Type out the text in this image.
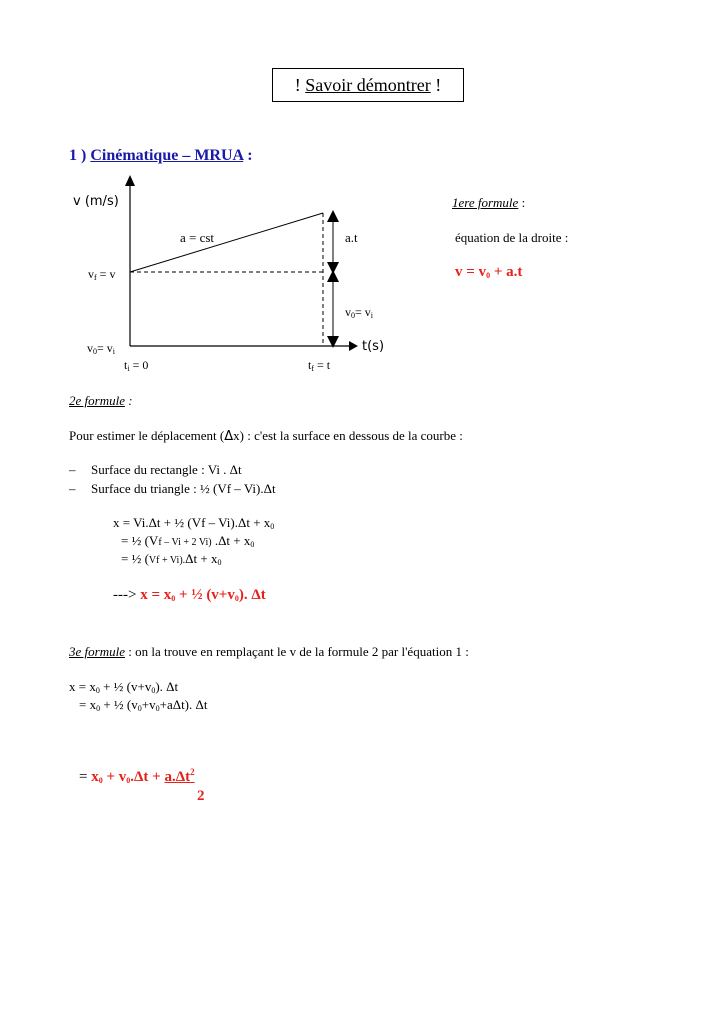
! Savoir démontrer !
1 ) Cinématique – MRUA :
v (m/s)
t(s)
a = cst	a.t
$v_f = v$
$v_0= v_i$
$v_0= v_i$
$t_i = 0$	$t_f = t$
1ere formule :
équation de la droite :
$v = v_0 + a.t$
2e formule :
Pour estimer le déplacement (Δx) : c'est la surface en dessous de la courbe :
– Surface du rectangle : Vi . Δt
– Surface du triangle : ½ (Vf – Vi).Δt
x = Vi.Δt + ½ $(Vf - Vi).\Delta t + x_0$
= ½ (Vf – Vi + 2 Vi) $.\Delta t + x_0$
= ½ $(Vf + Vi).\Delta t + x_0$
---> $x = x_0$ + ½ $(v+v_0)$. Δt
3e formule : on la trouve en remplaçant le v de la formule 2 par l'équation 1 :
$x = x_0$ + ½ $(v+v_0)$. Δt
= $x_0$ + ½ $(v_0+v_0+a\Delta t)$. Δt
= $x_0 + v_0.\Delta t + a.\Delta t^2$
2
